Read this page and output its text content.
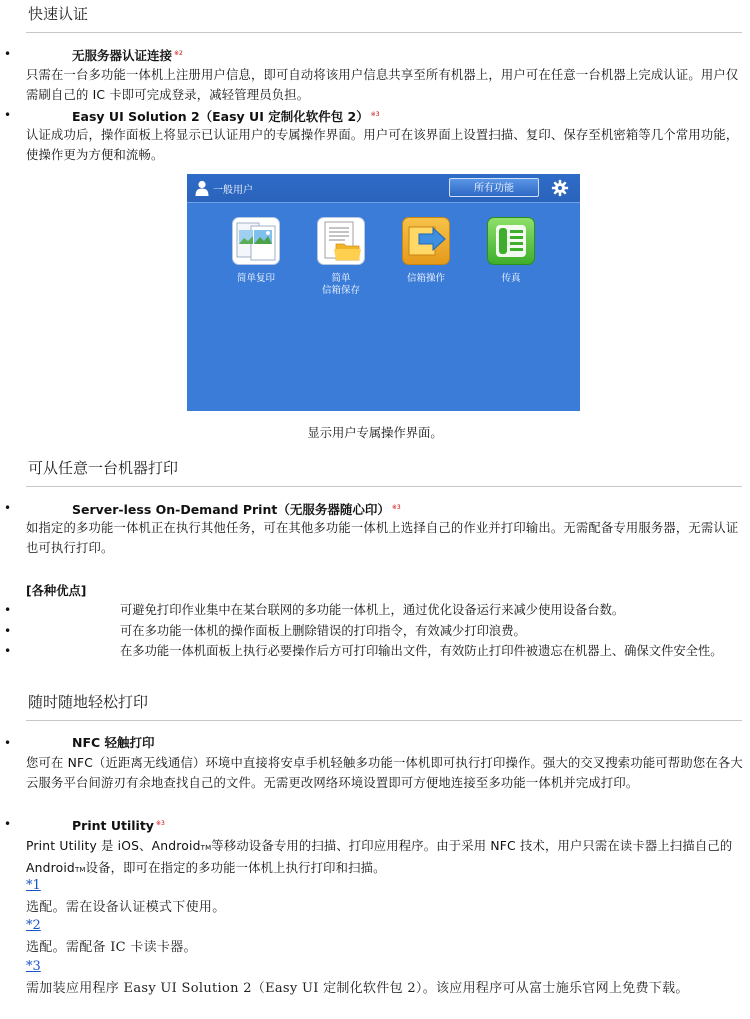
快速认证
•	无服务器认证连接 $^{※2}$

只需在一台多功能一体机上注册用户信息，即可自动将该用户信息共享至所有机器上，用户可在任意一台机器上完成认证。用户仅需刷自己的 IC 卡即可完成登录，减轻管理员负担。

•	Easy UI Solution 2（Easy UI 定制化软件包 2） $^{※3}$

认证成功后，操作面板上将显示已认证用户的专属操作界面。用户可在该界面上设置扫描、复印、保存至机密箱等几个常用功能，使操作更为方便和流畅。

一般用户	所有功能
简单复印	简单
信箱保存
信箱操作	传真
显示用户专属操作界面。
可从任意一台机器打印
•	Server-less On-Demand Print（无服务器随心印） $^{※3}$

如指定的多功能一体机正在执行其他任务，可在其他多功能一体机上选择自己的作业并打印输出。无需配备专用服务器，无需认证也可执行打印。

[各种优点]
•	可避免打印作业集中在某台联网的多功能一体机上，通过优化设备运行来减少使用设备台数。
•	可在多功能一体机的操作面板上删除错误的打印指令，有效减少打印浪费。
•	在多功能一体机面板上执行必要操作后方可打印输出文件，有效防止打印件被遗忘在机器上、确保文件安全性。
随时随地轻松打印
•	NFC 轻触打印

您可在 NFC（近距离无线通信）环境中直接将安卓手机轻触多功能一体机即可执行打印操作。强大的交叉搜索功能可帮助您在各大云服务平台间游刃有余地查找自己的文件。无需更改网络环境设置即可方便地连接至多功能一体机并完成打印。

•	Print Utility $^{※3}$

Print Utility 是 iOS、AndroidTM等移动设备专用的扫描、打印应用程序。由于采用 NFC 技术，用户只需在读卡器上扫描自己的 AndroidTM设备，即可在指定的多功能一体机上执行打印和扫描。

*1

选配。需在设备认证模式下使用。

*2

选配。需配备 IC 卡读卡器。

*3

需加装应用程序 Easy UI Solution 2（Easy UI 定制化软件包 2）。该应用程序可从富士施乐官网上免费下载。
